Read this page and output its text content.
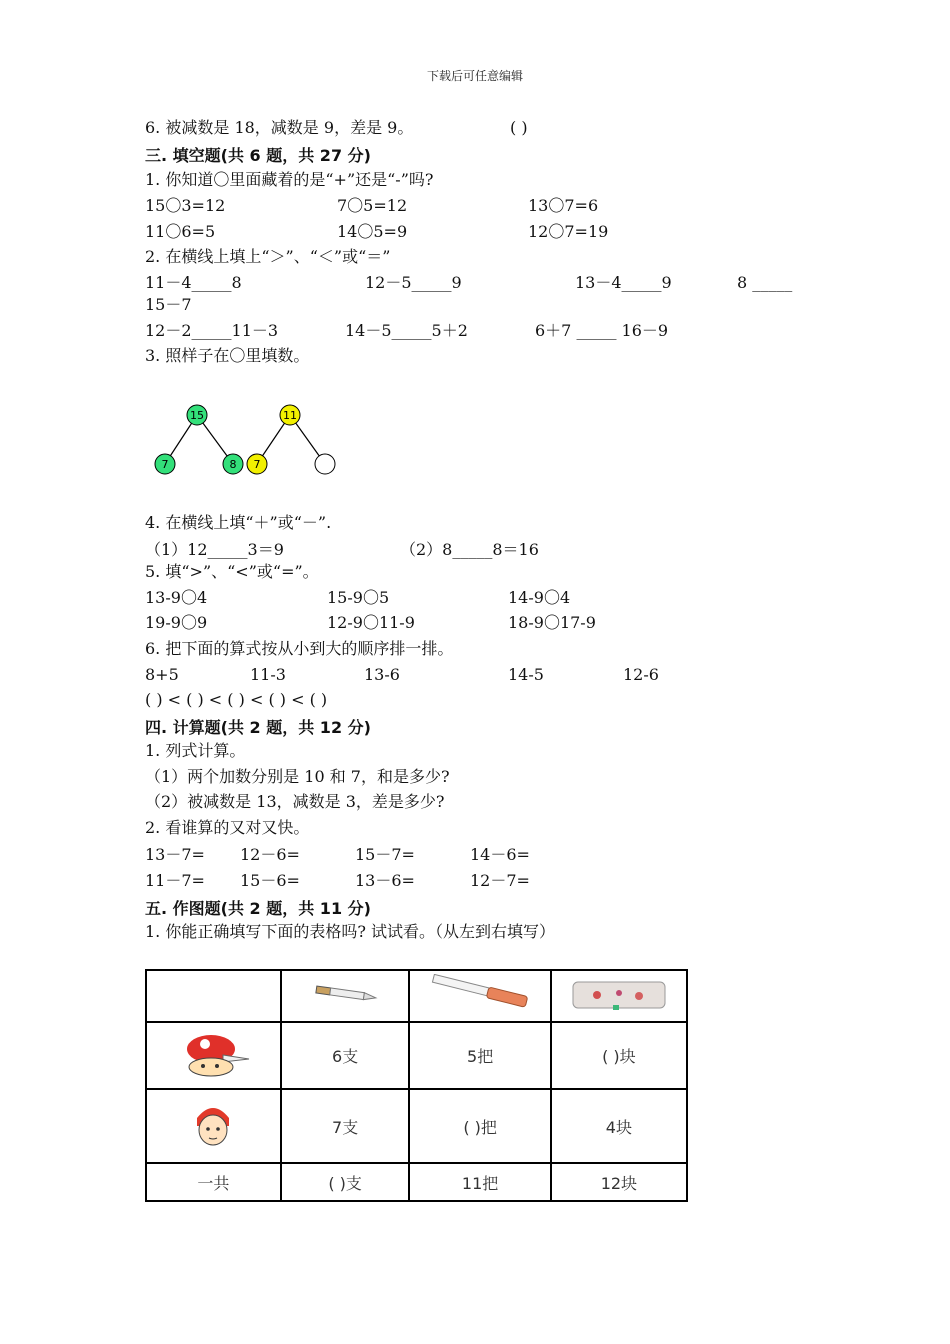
下载后可任意编辑
6. 被减数是 18，减数是 9，差是 9。	( )
三. 填空题(共 6 题，共 27 分)
1. 你知道〇里面藏着的是“+”还是“-”吗?
15〇3=12	7〇5=12	13〇7=6
11〇6=5	14〇5=9	12〇7=19
2. 在横线上填上“＞”、“＜”或“＝”
11－4_____8	12－5_____9	13－4_____9	8 _____
15－7
12－2_____11－3	14－5_____5＋2	6＋7 _____ 16－9
3. 照样子在〇里填数。
15
7	8
11
7
4. 在横线上填“＋”或“－”.
（1）12_____3＝9	（2）8_____8＝16
5. 填“>”、“<”或“=”。
13-9〇4	15-9〇5	14-9〇4
19-9〇9	12-9〇11-9	18-9〇17-9
6. 把下面的算式按从小到大的顺序排一排。
8+5	11-3	13-6	14-5	12-6
( ) < ( ) < ( ) < ( ) < ( )
四. 计算题(共 2 题，共 12 分)
1. 列式计算。
（1）两个加数分别是 10 和 7，和是多少?
（2）被减数是 13，减数是 3，差是多少?
2. 看谁算的又对又快。
13－7= 12－6=	15－7=	14－6=
11－7= 15－6=	13－6=	12－7=
五. 作图题(共 2 题，共 11 分)
1. 你能正确填写下面的表格吗? 试试看。（从左到右填写）

	6支	5把	( )块
	7支	( )把	4块
一共	( )支	11把	12块
